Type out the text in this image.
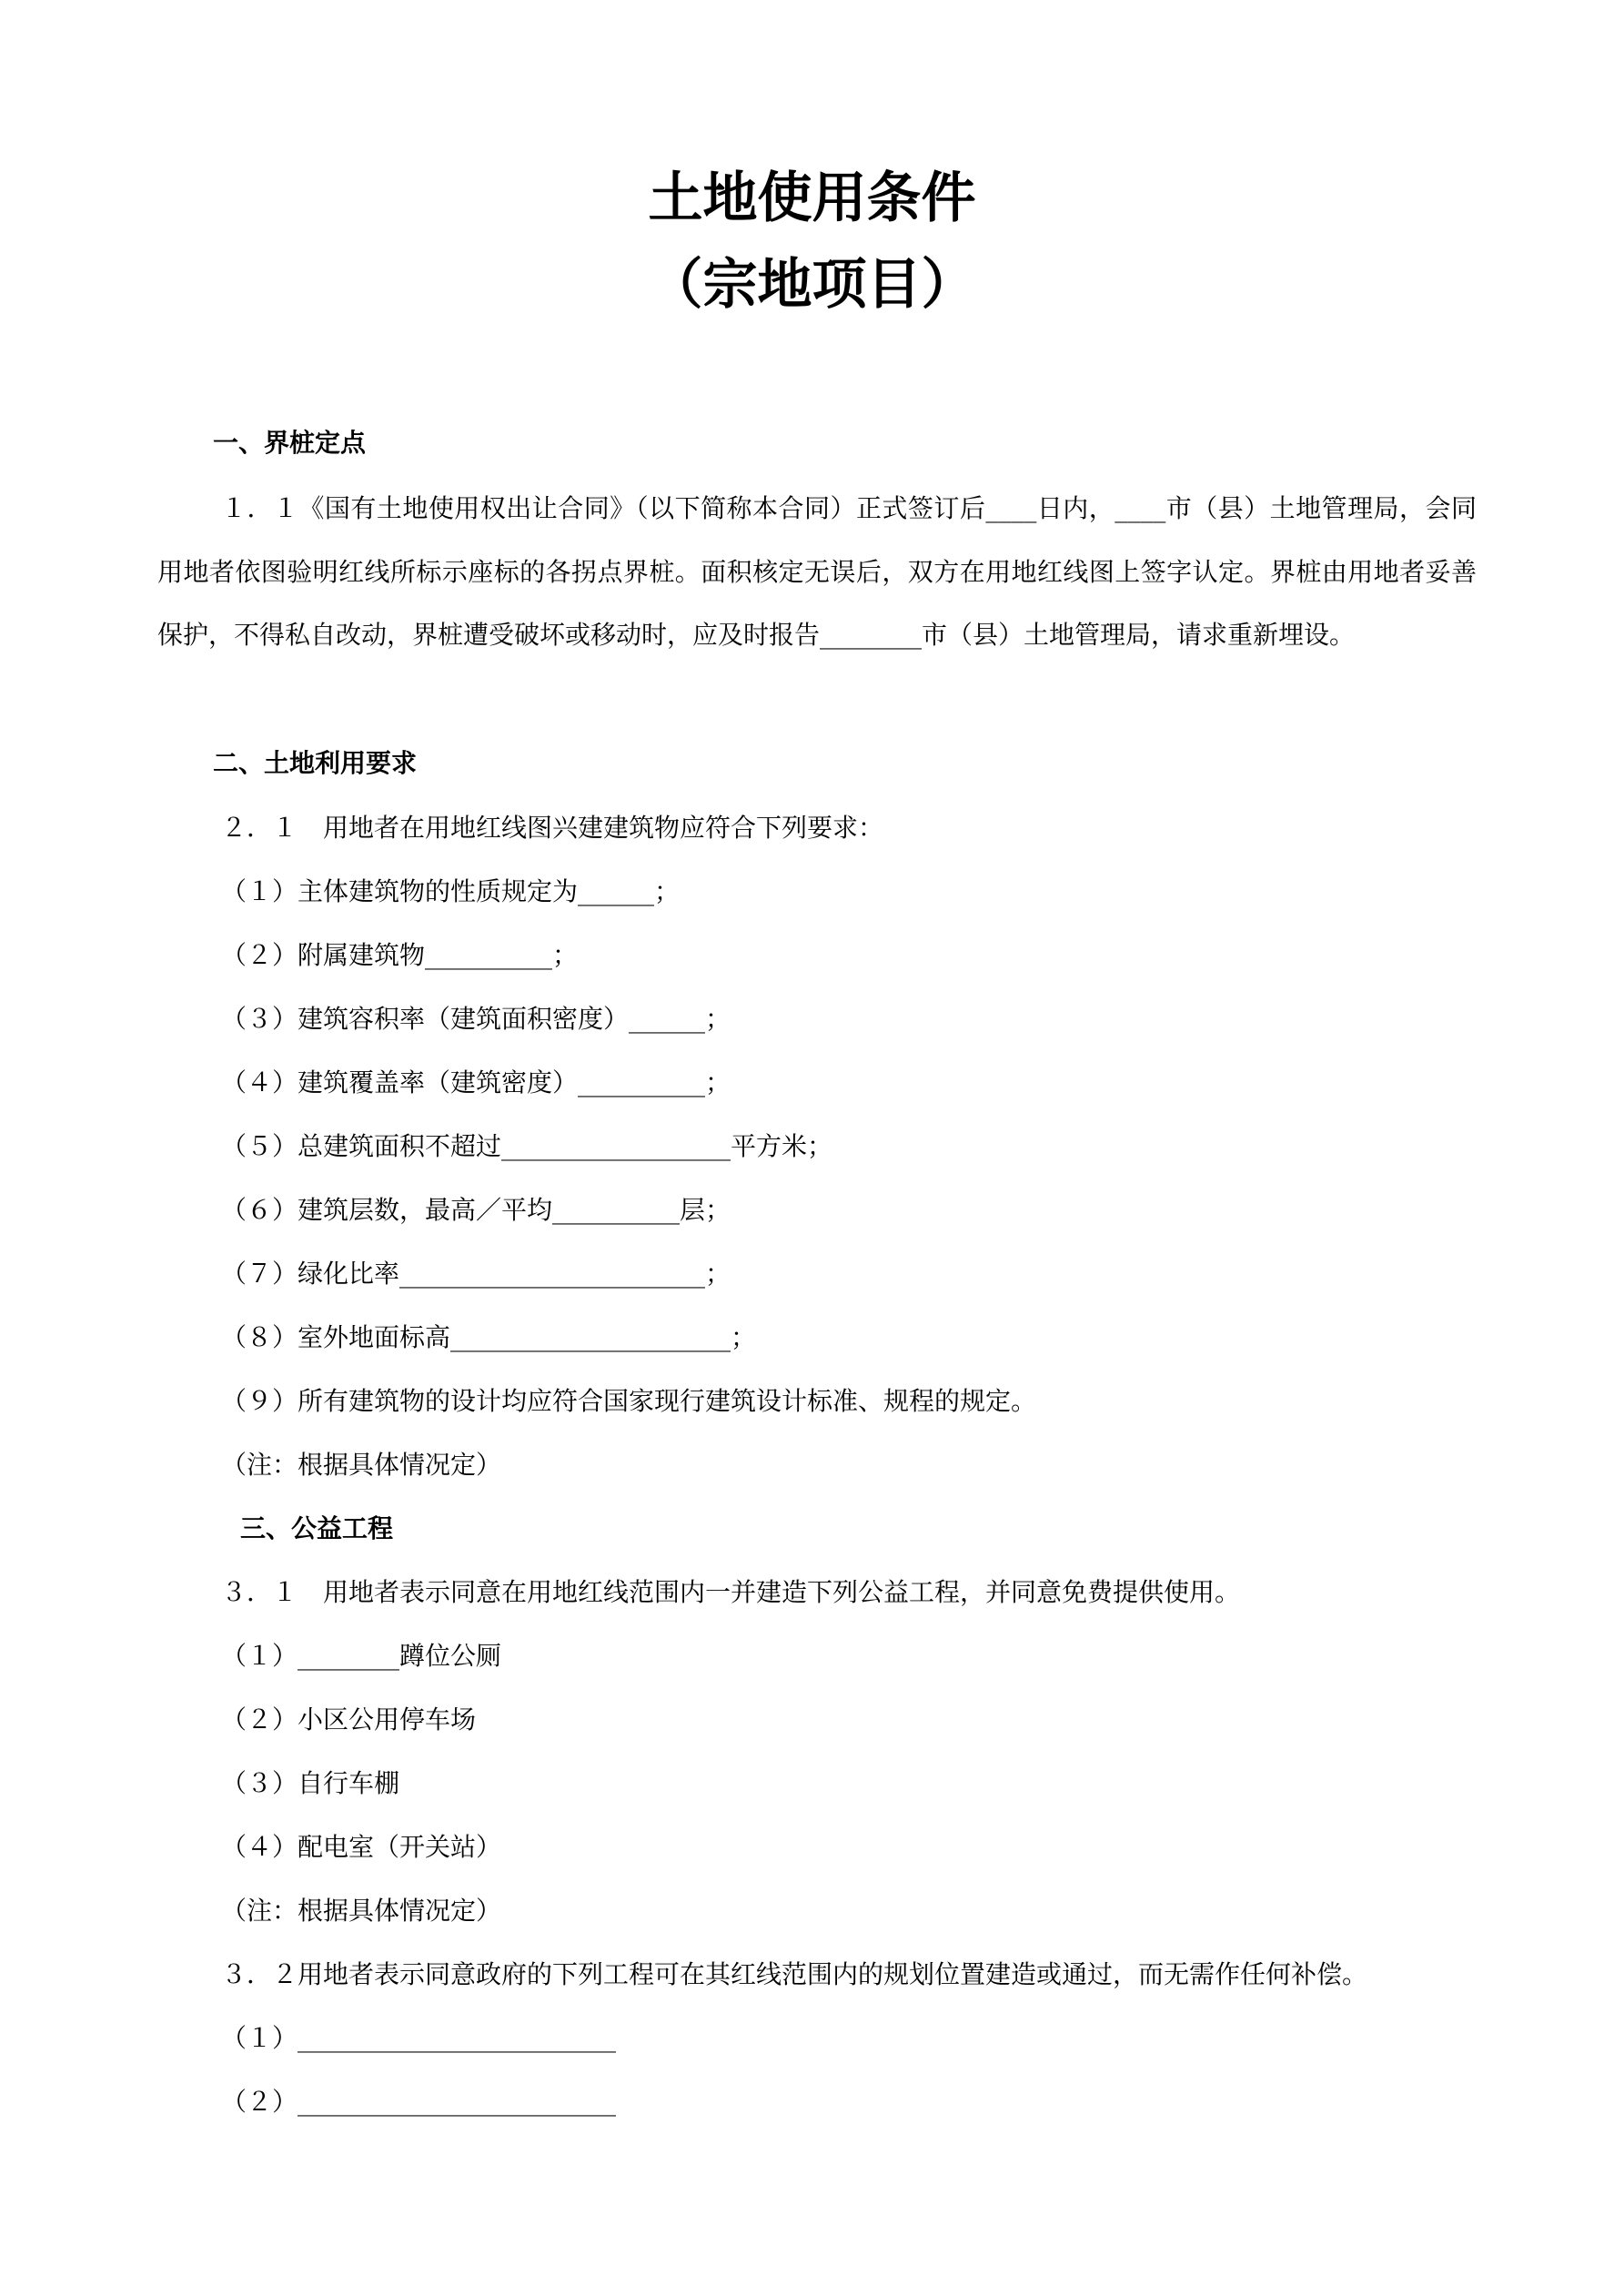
土地使用条件
（宗地项目）
一、界桩定点
１．１《国有土地使用权出让合同》（以下简称本合同）正式签订后____日内，____市（县）土地管理局，会同用地者依图验明红线所标示座标的各拐点界桩。面积核定无误后，双方在用地红线图上签字认定。界桩由用地者妥善保护，不得私自改动，界桩遭受破坏或移动时，应及时报告________市（县）土地管理局，请求重新埋设。
二、土地利用要求
２．１　用地者在用地红线图兴建建筑物应符合下列要求：
（１）主体建筑物的性质规定为______；
（２）附属建筑物__________；
（３）建筑容积率（建筑面积密度）______；
（４）建筑覆盖率（建筑密度）__________；
（５）总建筑面积不超过__________________平方米；
（６）建筑层数，最高／平均__________层；
（７）绿化比率________________________；
（８）室外地面标高______________________；
（９）所有建筑物的设计均应符合国家现行建筑设计标准、规程的规定。
（注：根据具体情况定）
三、公益工程
３．１　用地者表示同意在用地红线范围内一并建造下列公益工程，并同意免费提供使用。
（１）________蹲位公厕
（２）小区公用停车场
（３）自行车棚
（４）配电室（开关站）
（注：根据具体情况定）
３．２用地者表示同意政府的下列工程可在其红线范围内的规划位置建造或通过，而无需作任何补偿。
（１）_________________________
（２）_________________________
